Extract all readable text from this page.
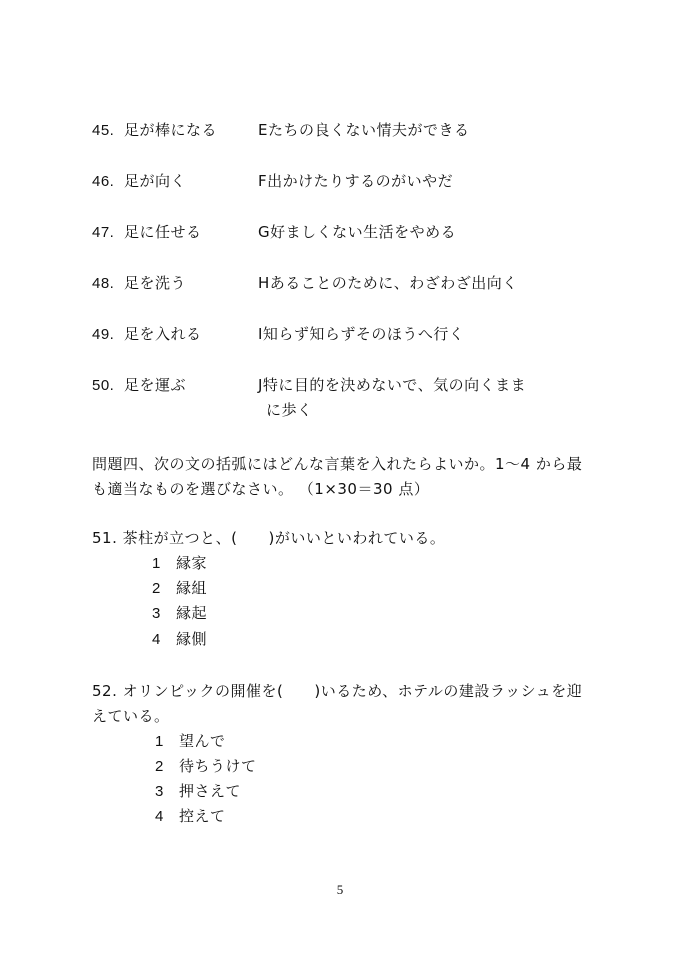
45. 足が棒になる	Eたちの良くない情夫ができる
46. 足が向く	F出かけたりするのがいやだ
47. 足に任せる	G好ましくない生活をやめる
48. 足を洗う	Hあることのために、わざわざ出向く
49. 足を入れる	I知らず知らずそのほうへ行く
50. 足を運ぶ	J特に目的を決めないで、気の向くまま
に歩く
問題四、次の文の括弧にはどんな言葉を入れたらよいか。1～4 から最
も適当なものを選びなさい。 （1×30＝30 点）
51. 茶柱が立つと、(　　)がいいといわれている。
1 縁家
2 縁組
3 縁起
4 縁側
52. オリンピックの開催を(　　)いるため、ホテルの建設ラッシュを迎
えている。
1 望んで
2 待ちうけて
3 押さえて
4 控えて
5
